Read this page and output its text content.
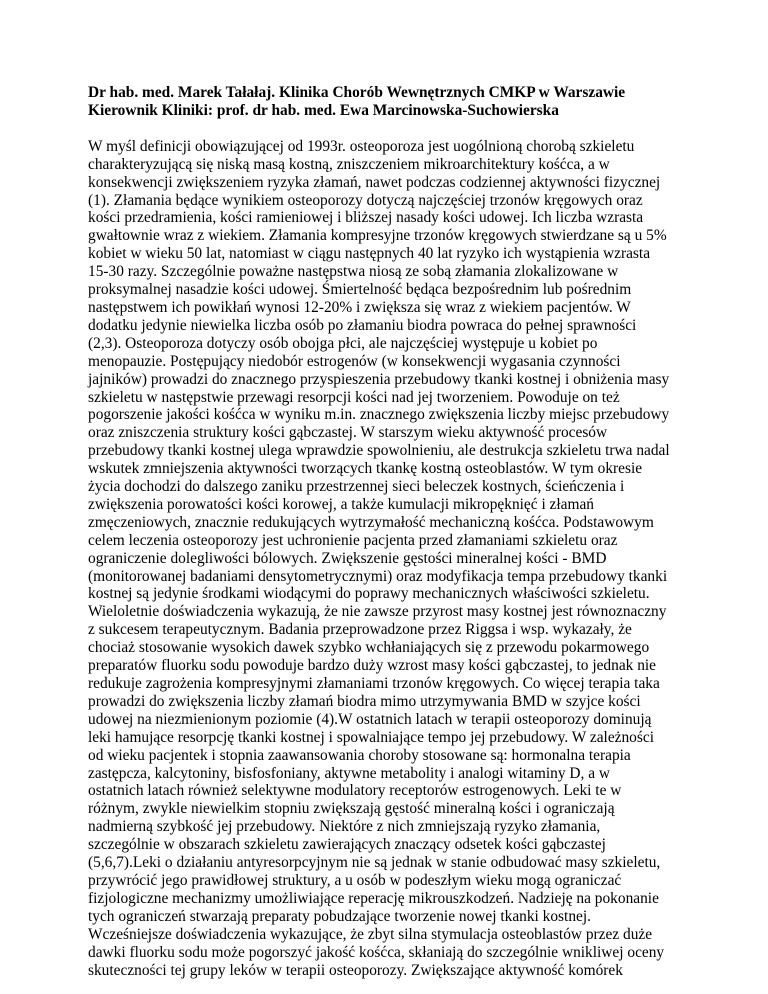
Dr hab. med. Marek Tałałaj. Klinika Chorób Wewnętrznych CMKP w Warszawie

Kierownik Kliniki: prof. dr hab. med. Ewa Marcinowska-Suchowierska

W myśl definicji obowiązującej od 1993r. osteoporoza jest uogólnioną chorobą szkieletu

charakteryzującą się niską masą kostną, zniszczeniem mikroarchitektury kośćca, a w

konsekwencji zwiększeniem ryzyka złamań, nawet podczas codziennej aktywności fizycznej

(1). Złamania będące wynikiem osteoporozy dotyczą najczęściej trzonów kręgowych oraz

kości przedramienia, kości ramieniowej i bliższej nasady kości udowej. Ich liczba wzrasta

gwałtownie wraz z wiekiem. Złamania kompresyjne trzonów kręgowych stwierdzane są u 5%

kobiet w wieku 50 lat, natomiast w ciągu następnych 40 lat ryzyko ich wystąpienia wzrasta

15-30 razy. Szczególnie poważne następstwa niosą ze sobą złamania zlokalizowane w

proksymalnej nasadzie kości udowej. Śmiertelność będąca bezpośrednim lub pośrednim

następstwem ich powikłań wynosi 12-20% i zwiększa się wraz z wiekiem pacjentów. W

dodatku jedynie niewielka liczba osób po złamaniu biodra powraca do pełnej sprawności

(2,3). Osteoporoza dotyczy osób obojga płci, ale najczęściej występuje u kobiet po

menopauzie. Postępujący niedobór estrogenów (w konsekwencji wygasania czynności

jajników) prowadzi do znacznego przyspieszenia przebudowy tkanki kostnej i obniżenia masy

szkieletu w następstwie przewagi resorpcji kości nad jej tworzeniem. Powoduje on też

pogorszenie jakości kośćca w wyniku m.in. znacznego zwiększenia liczby miejsc przebudowy

oraz zniszczenia struktury kości gąbczastej. W starszym wieku aktywność procesów

przebudowy tkanki kostnej ulega wprawdzie spowolnieniu, ale destrukcja szkieletu trwa nadal

wskutek zmniejszenia aktywności tworzących tkankę kostną osteoblastów. W tym okresie

życia dochodzi do dalszego zaniku przestrzennej sieci beleczek kostnych, ścieńczenia i

zwiększenia porowatości kości korowej, a także kumulacji mikropęknięć i złamań

zmęczeniowych, znacznie redukujących wytrzymałość mechaniczną kośćca. Podstawowym

celem leczenia osteoporozy jest uchronienie pacjenta przed złamaniami szkieletu oraz

ograniczenie dolegliwości bólowych. Zwiększenie gęstości mineralnej kości - BMD

(monitorowanej badaniami densytometrycznymi) oraz modyfikacja tempa przebudowy tkanki

kostnej są jedynie środkami wiodącymi do poprawy mechanicznych właściwości szkieletu.

Wieloletnie doświadczenia wykazują, że nie zawsze przyrost masy kostnej jest równoznaczny

z sukcesem terapeutycznym. Badania przeprowadzone przez Riggsa i wsp. wykazały, że

chociaż stosowanie wysokich dawek szybko wchłaniających się z przewodu pokarmowego

preparatów fluorku sodu powoduje bardzo duży wzrost masy kości gąbczastej, to jednak nie

redukuje zagrożenia kompresyjnymi złamaniami trzonów kręgowych. Co więcej terapia taka

prowadzi do zwiększenia liczby złamań biodra mimo utrzymywania BMD w szyjce kości

udowej na niezmienionym poziomie (4).W ostatnich latach w terapii osteoporozy dominują

leki hamujące resorpcję tkanki kostnej i spowalniające tempo jej przebudowy. W zależności

od wieku pacjentek i stopnia zaawansowania choroby stosowane są: hormonalna terapia

zastępcza, kalcytoniny, bisfosfoniany, aktywne metabolity i analogi witaminy D, a w

ostatnich latach również selektywne modulatory receptorów estrogenowych. Leki te w

różnym, zwykle niewielkim stopniu zwiększają gęstość mineralną kości i ograniczają

nadmierną szybkość jej przebudowy. Niektóre z nich zmniejszają ryzyko złamania,

szczególnie w obszarach szkieletu zawierających znaczący odsetek kości gąbczastej

(5,6,7).Leki o działaniu antyresorpcyjnym nie są jednak w stanie odbudować masy szkieletu,

przywrócić jego prawidłowej struktury, a u osób w podeszłym wieku mogą ograniczać

fizjologiczne mechanizmy umożliwiające reperację mikrouszkodzeń. Nadzieję na pokonanie

tych ograniczeń stwarzają preparaty pobudzające tworzenie nowej tkanki kostnej.

Wcześniejsze doświadczenia wykazujące, że zbyt silna stymulacja osteoblastów przez duże

dawki fluorku sodu może pogorszyć jakość kośćca, skłaniają do szczególnie wnikliwej oceny

skuteczności tej grupy leków w terapii osteoporozy. Zwiększające aktywność komórek
